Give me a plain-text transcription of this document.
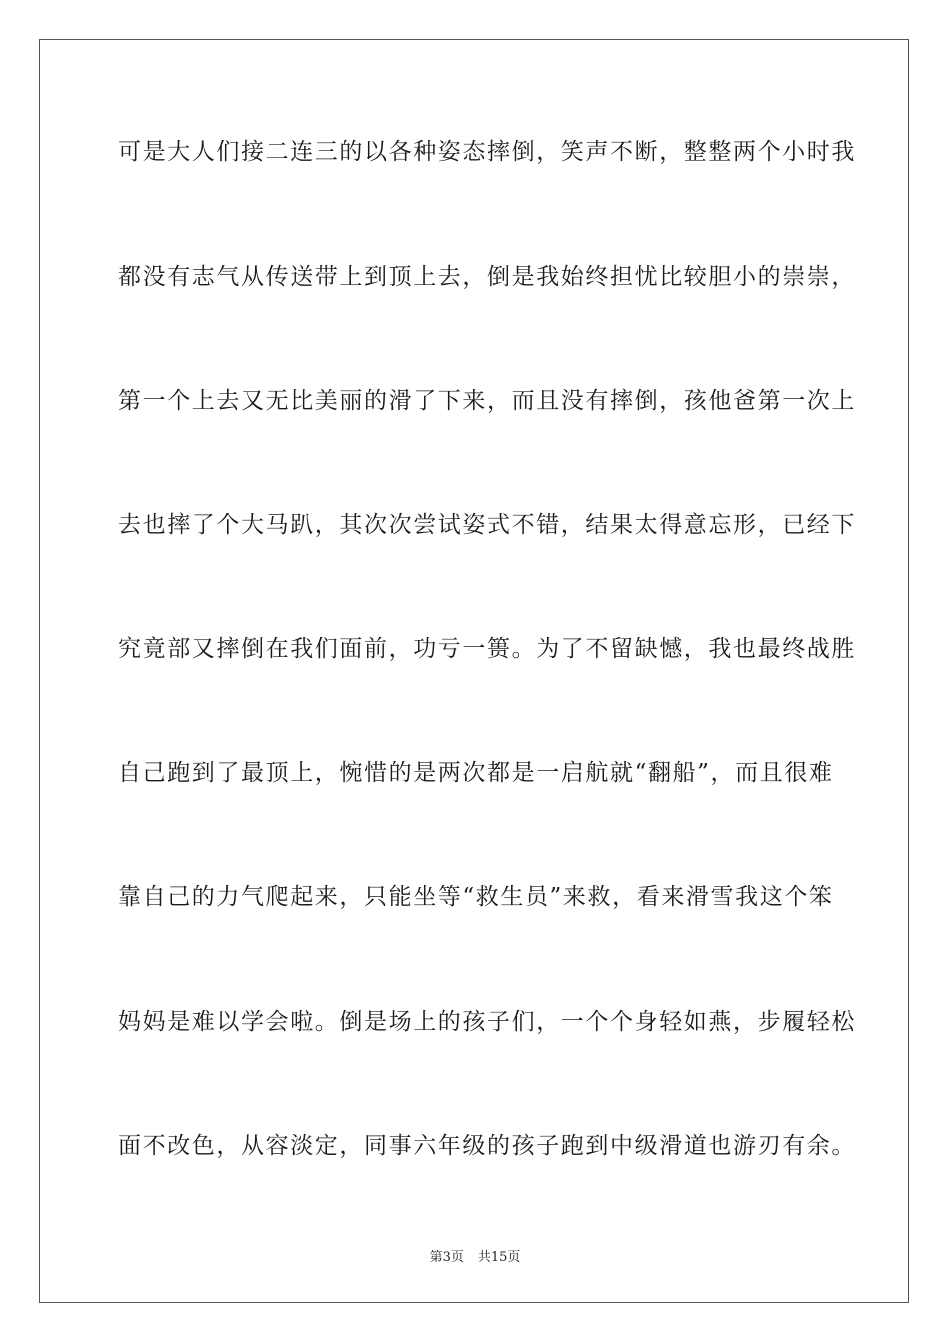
可是大人们接二连三的以各种姿态摔倒，笑声不断，整整两个小时我
都没有志气从传送带上到顶上去，倒是我始终担忧比较胆小的崇崇，
第一个上去又无比美丽的滑了下来，而且没有摔倒，孩他爸第一次上
去也摔了个大马趴，其次次尝试姿式不错，结果太得意忘形，已经下
究竟部又摔倒在我们面前，功亏一篑。为了不留缺憾，我也最终战胜
自己跑到了最顶上，惋惜的是两次都是一启航就“翻船”，而且很难
靠自己的力气爬起来，只能坐等“救生员”来救，看来滑雪我这个笨
妈妈是难以学会啦。倒是场上的孩子们，一个个身轻如燕，步履轻松
面不改色，从容淡定，同事六年级的孩子跑到中级滑道也游刃有余。
第3页 共15页
